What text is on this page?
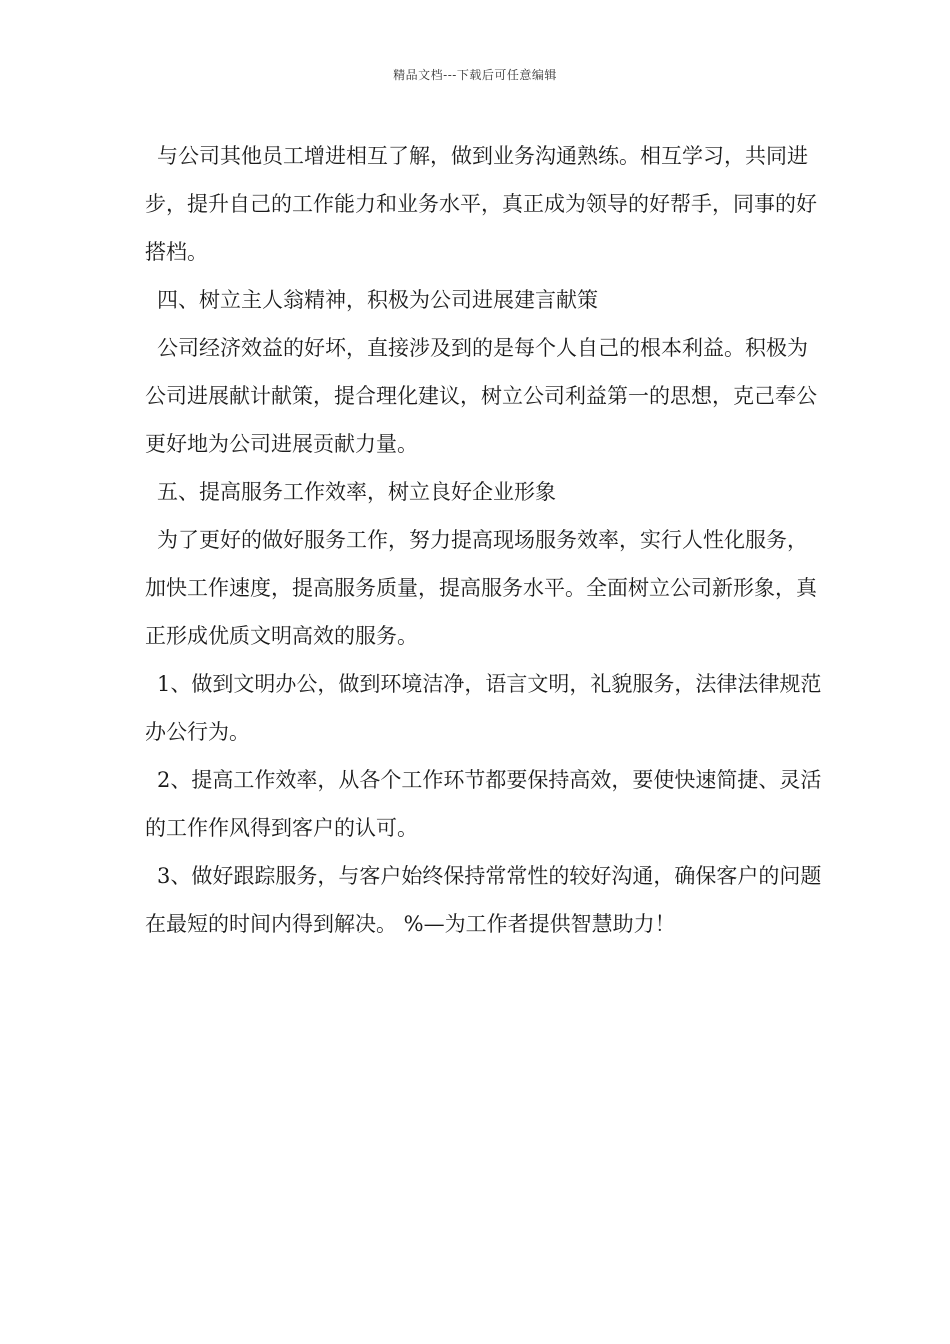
精品文档---下载后可任意编辑

与公司其他员工增进相互了解，做到业务沟通熟练。相互学习，共同进步，提升自己的工作能力和业务水平，真正成为领导的好帮手，同事的好搭档。

四、树立主人翁精神，积极为公司进展建言献策

公司经济效益的好坏，直接涉及到的是每个人自己的根本利益。积极为公司进展献计献策，提合理化建议，树立公司利益第一的思想，克己奉公更好地为公司进展贡献力量。

五、提高服务工作效率，树立良好企业形象

为了更好的做好服务工作，努力提高现场服务效率，实行人性化服务，加快工作速度，提高服务质量，提高服务水平。全面树立公司新形象，真正形成优质文明高效的服务。

1、做到文明办公，做到环境洁净，语言文明，礼貌服务，法律法律规范办公行为。

2、提高工作效率，从各个工作环节都要保持高效，要使快速简捷、灵活的工作作风得到客户的认可。

3、做好跟踪服务，与客户始终保持常常性的较好沟通，确保客户的问题在最短的时间内得到解决。 %—为工作者提供智慧助力！
